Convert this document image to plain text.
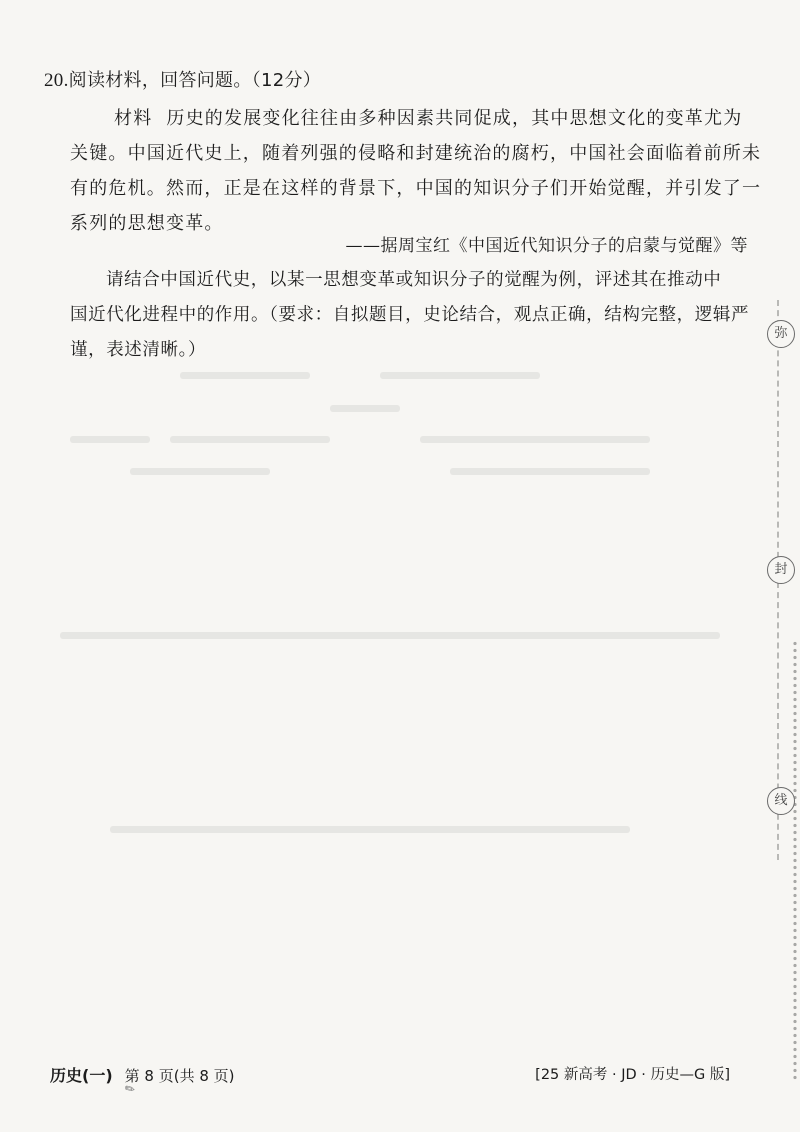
20.阅读材料，回答问题。（12分）
材料 历史的发展变化往往由多种因素共同促成，其中思想文化的变革尤为
关键。中国近代史上，随着列强的侵略和封建统治的腐朽，中国社会面临着前所未
有的危机。然而，正是在这样的背景下，中国的知识分子们开始觉醒，并引发了一
系列的思想变革。
——据周宝红《中国近代知识分子的启蒙与觉醒》等
请结合中国近代史，以某一思想变革或知识分子的觉醒为例，评述其在推动中
国近代化进程中的作用。（要求：自拟题目，史论结合，观点正确，结构完整，逻辑严
谨，表述清晰。）
弥
封
线
历史(一) 第 8 页(共 8 页)
✎
[25 新高考 · JD · 历史—G 版]
